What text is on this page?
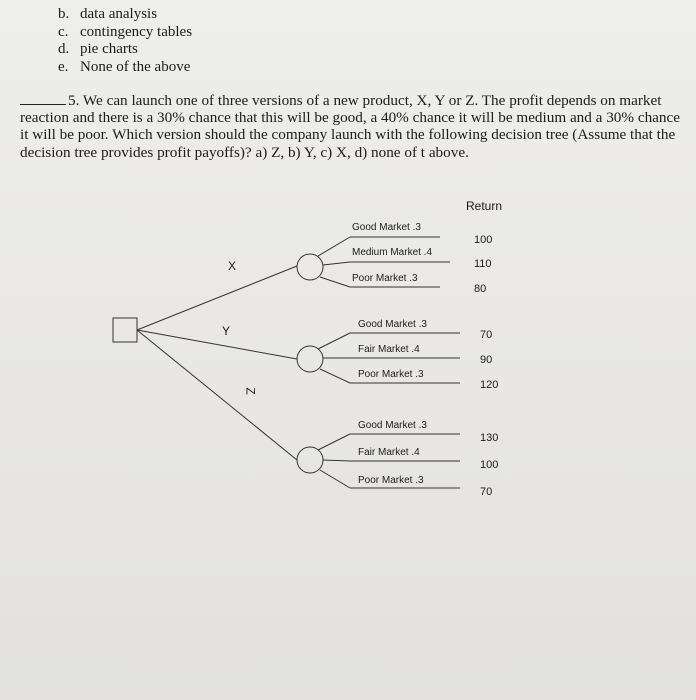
b. data analysis
c. contingency tables
d. pie charts
e. None of the above
5. We can launch one of three versions of a new product, X, Y or Z. The profit depends on market reaction and there is a 30% chance that this will be good, a 40% chance it will be medium and a 30% chance it will be poor. Which version should the company launch with the following decision tree (Assume that the decision tree provides profit payoffs)? a) Z, b) Y, c) X, d) none of t above.
Return
X
Y
Z
Good Market .3
Medium Market .4
Poor Market .3
100
110
80
Good Market .3
Fair Market .4
Poor Market .3
70
90
120
Good Market .3
Fair Market .4
Poor Market .3
130
100
70
